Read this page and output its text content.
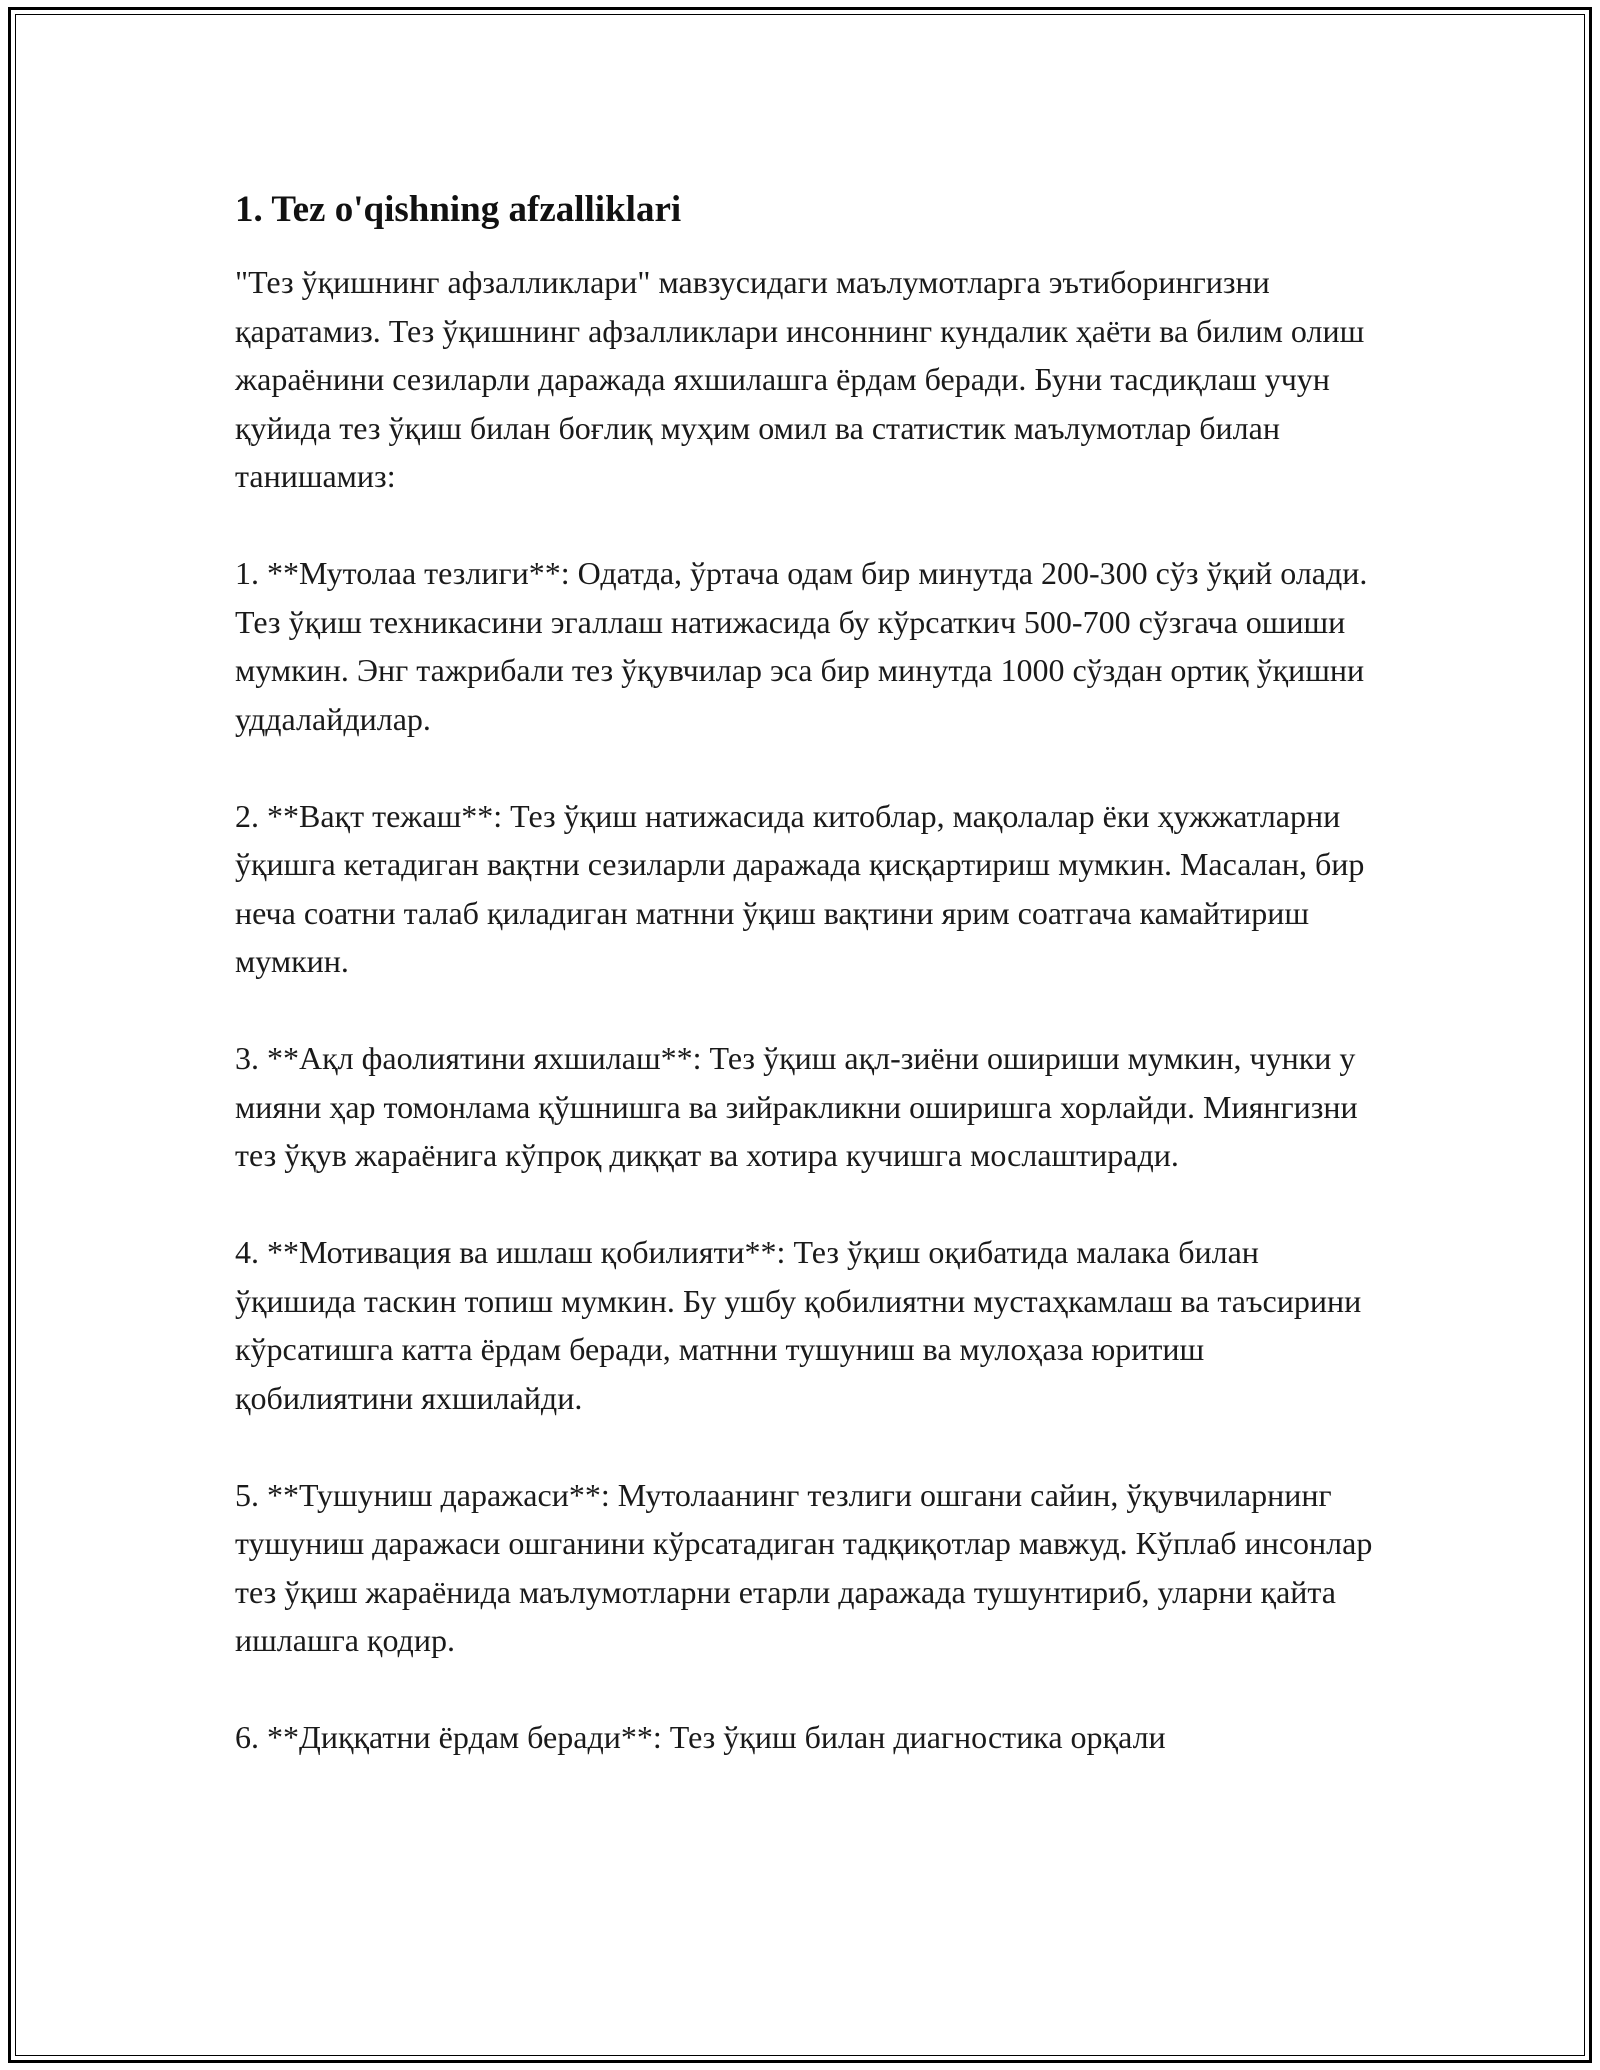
1. Tez o'qishning afzalliklari

"Тез ўқишнинг афзалликлари" мавзусидаги маълумотларга эътиборингизни қаратамиз. Тез ўқишнинг афзалликлари инсоннинг кундалик ҳаёти ва билим олиш жараёнини сезиларли даражада яхшилашга ёрдам беради. Буни тасдиқлаш учун қуйида тез ўқиш билан боғлиқ муҳим омил ва статистик маълумотлар билан танишамиз:

1. **Мутолаа тезлиги**: Одатда, ўртача одам бир минутда 200-300 сўз ўқий олади. Тез ўқиш техникасини эгаллаш натижасида бу кўрсаткич 500-700 сўзгача ошиши мумкин. Энг тажрибали тез ўқувчилар эса бир минутда 1000 сўздан ортиқ ўқишни уддалайдилар.

2. **Вақт тежаш**: Тез ўқиш натижасида китоблар, мақолалар ёки ҳужжатларни ўқишга кетадиган вақтни сезиларли даражада қисқартириш мумкин. Масалан, бир неча соатни талаб қиладиган матнни ўқиш вақтини ярим соатгача камайтириш мумкин.

3. **Ақл фаолиятини яхшилаш**: Тез ўқиш ақл-зиёни ошириши мумкин, чунки у мияни ҳар томонлама қўшнишга ва зийракликни оширишга хорлайди. Миянгизни тез ўқув жараёнига кўпроқ диққат ва хотира кучишга мослаштиради.

4. **Мотивация ва ишлаш қобилияти**: Тез ўқиш оқибатида малака билан ўқишида таскин топиш мумкин. Бу ушбу қобилиятни мустаҳкамлаш ва таъсирини кўрсатишга катта ёрдам беради, матнни тушуниш ва мулоҳаза юритиш қобилиятини яхшилайди.

5. **Тушуниш даражаси**: Мутолаанинг тезлиги ошгани сайин, ўқувчиларнинг тушуниш даражаси ошганини кўрсатадиган тадқиқотлар мавжуд. Кўплаб инсонлар тез ўқиш жараёнида маълумотларни етарли даражада тушунтириб, уларни қайта ишлашга қодир.

6. **Диққатни ёрдам беради**: Тез ўқиш билан диагностика орқали
